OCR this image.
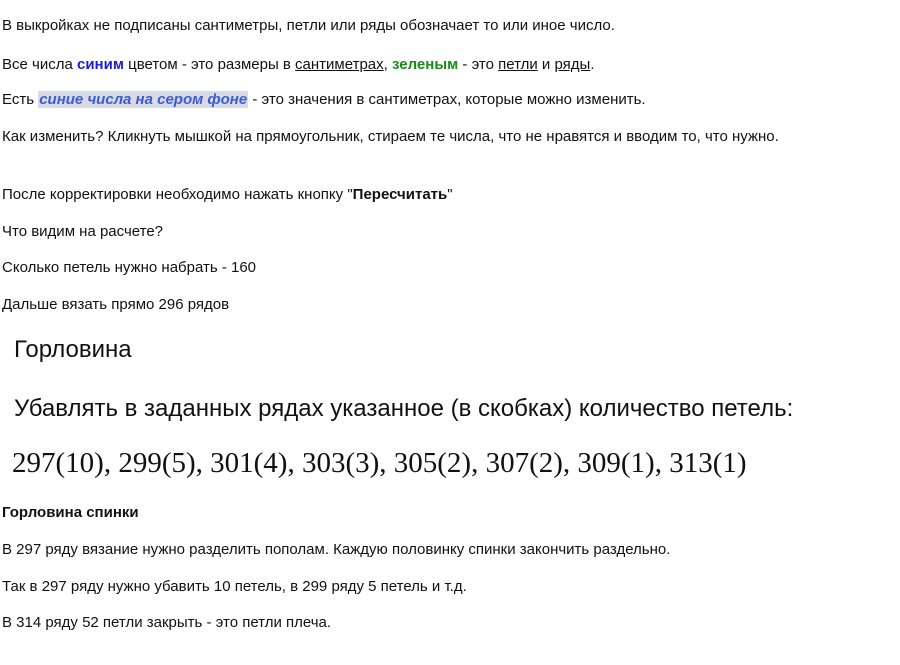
В выкройках не подписаны сантиметры, петли или ряды обозначает то или иное число.

Все числа синим цветом - это размеры в сантиметрах, зеленым - это петли и ряды.

Есть синие числа на сером фоне - это значения в сантиметрах, которые можно изменить.

Как изменить? Кликнуть мышкой на прямоугольник, стираем те числа, что не нравятся и вводим то, что нужно.

После корректировки необходимо нажать кнопку "Пересчитать"

Что видим на расчете?

Сколько петель нужно набрать - 160

Дальше вязать прямо 296 рядов

Горловина
Убавлять в заданных рядах указанное (в скобках) количество петель:
297(10), 299(5), 301(4), 303(3), 305(2), 307(2), 309(1), 313(1)
Горловина спинки

В 297 ряду вязание нужно разделить пополам. Каждую половинку спинки закончить раздельно.

Так в 297 ряду нужно убавить 10 петель, в 299 ряду 5 петель и т.д.

В 314 ряду 52 петли закрыть - это петли плеча.
